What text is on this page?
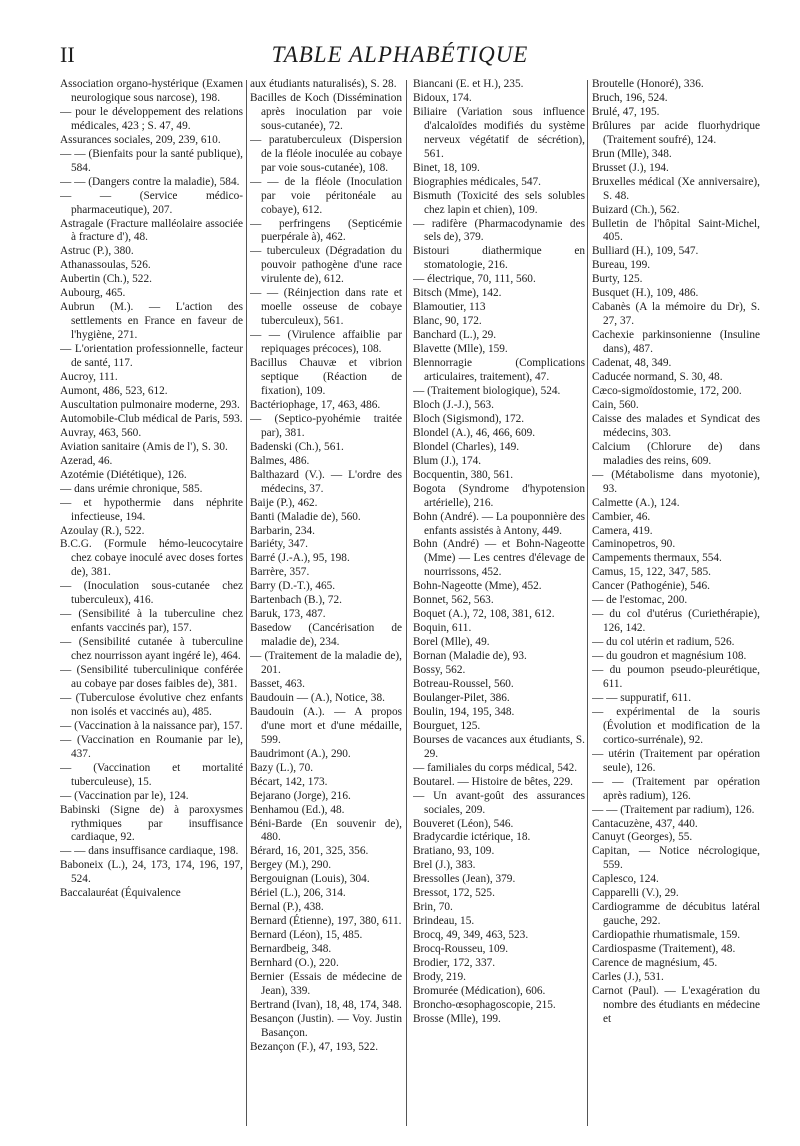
II	TABLE ALPHABÉTIQUE
Association organo-hystérique (Examen neurologique sous narcose), 198.
— pour le développement des relations médicales, 423 ; S. 47, 49.
Assurances sociales, 209, 239, 610.
— — (Bienfaits pour la santé publique), 584.
— — (Dangers contre la maladie), 584.
— — (Service médico-pharmaceutique), 207.
Astragale (Fracture malléolaire associée à fracture d'), 48.
Astruc (P.), 380.
Athanassoulas, 526.
Aubertin (Ch.), 522.
Aubourg, 465.
Aubrun (M.). — L'action des settlements en France en faveur de l'hygiène, 271.
— L'orientation professionnelle, facteur de santé, 117.
Aucroy, 111.
Aumont, 486, 523, 612.
Auscultation pulmonaire moderne, 293.
Automobile-Club médical de Paris, 593.
Auvray, 463, 560.
Aviation sanitaire (Amis de l'), S. 30.
Azerad, 46.
Azotémie (Diététique), 126.
— dans urémie chronique, 585.
— et hypothermie dans néphrite infectieuse, 194.
Azoulay (R.), 522.
B.C.G. (Formule hémo-leucocytaire chez cobaye inoculé avec doses fortes de), 381.
— (Inoculation sous-cutanée chez tuberculeux), 416.
— (Sensibilité à la tuberculine chez enfants vaccinés par), 157.
— (Sensibilité cutanée à tuberculine chez nourrisson ayant ingéré le), 464.
— (Sensibilité tuberculinique conférée au cobaye par doses faibles de), 381.
— (Tuberculose évolutive chez enfants non isolés et vaccinés au), 485.
— (Vaccination à la naissance par), 157.
— (Vaccination en Roumanie par le), 437.
— (Vaccination et mortalité tuberculeuse), 15.
— (Vaccination par le), 124.
Babinski (Signe de) à paroxysmes rythmiques par insuffisance cardiaque, 92.
— — dans insuffisance cardiaque, 198.
Baboneix (L.), 24, 173, 174, 196, 197, 524.
Baccalauréat (Équivalence
aux étudiants naturalisés), S. 28.
Bacilles de Koch (Dissémination après inoculation par voie sous-cutanée), 72.
— paratuberculeux (Dispersion de la fléole inoculée au cobaye par voie sous-cutanée), 108.
— — de la fléole (Inoculation par voie péritonéale au cobaye), 612.
— perfringens (Septicémie puerpérale à), 462.
— tuberculeux (Dégradation du pouvoir pathogène d'une race virulente de), 612.
— — (Réinjection dans rate et moelle osseuse de cobaye tuberculeux), 561.
— — (Virulence affaiblie par repiquages précoces), 108.
Bacillus Chauvæ et vibrion septique (Réaction de fixation), 109.
Bactériophage, 17, 463, 486.
— (Septico-pyohémie traitée par), 381.
Badenski (Ch.), 561.
Balmes, 486.
Balthazard (V.). — L'ordre des médecins, 37.
Baije (P.), 462.
Banti (Maladie de), 560.
Barbarin, 234.
Bariéty, 347.
Barré (J.-A.), 95, 198.
Barrère, 357.
Barry (D.-T.), 465.
Bartenbach (B.), 72.
Baruk, 173, 487.
Basedow (Cancérisation de maladie de), 234.
— (Traitement de la maladie de), 201.
Basset, 463.
Baudouin — (A.), Notice, 38.
Baudouin (A.). — A propos d'une mort et d'une médaille, 599.
Baudrimont (A.), 290.
Bazy (L.), 70.
Bécart, 142, 173.
Bejarano (Jorge), 216.
Benhamou (Ed.), 48.
Béni-Barde (En souvenir de), 480.
Bérard, 16, 201, 325, 356.
Bergey (M.), 290.
Bergouignan (Louis), 304.
Bériel (L.), 206, 314.
Bernal (P.), 438.
Bernard (Étienne), 197, 380, 611.
Bernard (Léon), 15, 485.
Bernardbeig, 348.
Bernhard (O.), 220.
Bernier (Essais de médecine de Jean), 339.
Bertrand (Ivan), 18, 48, 174, 348.
Besançon (Justin). — Voy. Justin Basançon.
Bezançon (F.), 47, 193, 522.
Biancani (E. et H.), 235.
Bidoux, 174.
Biliaire (Variation sous influence d'alcaloïdes modifiés du système nerveux végétatif de sécrétion), 561.
Binet, 18, 109.
Biographies médicales, 547.
Bismuth (Toxicité des sels solubles chez lapin et chien), 109.
— radifère (Pharmacodynamie des sels de), 379.
Bistouri diathermique en stomatologie, 216.
— électrique, 70, 111, 560.
Bitsch (Mme), 142.
Blamoutier, 113
Blanc, 90, 172.
Banchard (L.), 29.
Blavette (Mlle), 159.
Blennorragie (Complications articulaires, traitement), 47.
— (Traitement biologique), 524.
Bloch (J.-J.), 563.
Bloch (Sigismond), 172.
Blondel (A.), 46, 466, 609.
Blondel (Charles), 149.
Blum (J.), 174.
Bocquentin, 380, 561.
Bogota (Syndrome d'hypotension artérielle), 216.
Bohn (André). — La pouponnière des enfants assistés à Antony, 449.
Bohn (André) — et Bohn-Nageotte (Mme) — Les centres d'élevage de nourrissons, 452.
Bohn-Nageotte (Mme), 452.
Bonnet, 562, 563.
Boquet (A.), 72, 108, 381, 612.
Boquin, 611.
Borel (Mlle), 49.
Bornan (Maladie de), 93.
Bossy, 562.
Botreau-Roussel, 560.
Boulanger-Pilet, 386.
Boulin, 194, 195, 348.
Bourguet, 125.
Bourses de vacances aux étudiants, S. 29.
— familiales du corps médical, 542.
Boutarel. — Histoire de bêtes, 229.
— Un avant-goût des assurances sociales, 209.
Bouveret (Léon), 546.
Bradycardie ictérique, 18.
Bratiano, 93, 109.
Brel (J.), 383.
Bressolles (Jean), 379.
Bressot, 172, 525.
Brin, 70.
Brindeau, 15.
Brocq, 49, 349, 463, 523.
Brocq-Rousseu, 109.
Brodier, 172, 337.
Brody, 219.
Bromurée (Médication), 606.
Broncho-œsophagoscopie, 215.
Brosse (Mlle), 199.
Broutelle (Honoré), 336.
Bruch, 196, 524.
Brulé, 47, 195.
Brûlures par acide fluorhydrique (Traitement soufré), 124.
Brun (Mlle), 348.
Brusset (J.), 194.
Bruxelles médical (Xe anniversaire), S. 48.
Buizard (Ch.), 562.
Bulletin de l'hôpital Saint-Michel, 405.
Bulliard (H.), 109, 547.
Bureau, 199.
Burty, 125.
Busquet (H.), 109, 486.
Cabanès (A la mémoire du Dr), S. 27, 37.
Cachexie parkinsonienne (Insuline dans), 487.
Cadenat, 48, 349.
Caducée normand, S. 30, 48.
Cæco-sigmoïdostomie, 172, 200.
Cain, 560.
Caisse des malades et Syndicat des médecins, 303.
Calcium (Chlorure de) dans maladies des reins, 609.
— (Métabolisme dans myotonie), 93.
Calmette (A.), 124.
Cambier, 46.
Camera, 419.
Caminopetros, 90.
Campements thermaux, 554.
Camus, 15, 122, 347, 585.
Cancer (Pathogénie), 546.
— de l'estomac, 200.
— du col d'utérus (Curiethérapie), 126, 142.
— du col utérin et radium, 526.
— du goudron et magnésium 108.
— du poumon pseudo-pleurétique, 611.
— — suppuratif, 611.
— expérimental de la souris (Évolution et modification de la cortico-surrénale), 92.
— utérin (Traitement par opération seule), 126.
— — (Traitement par opération après radium), 126.
— — (Traitement par radium), 126.
Cantacuzène, 437, 440.
Canuyt (Georges), 55.
Capitan, — Notice nécrologique, 559.
Caplesco, 124.
Capparelli (V.), 29.
Cardiogramme de décubitus latéral gauche, 292.
Cardiopathie rhumatismale, 159.
Cardiospasme (Traitement), 48.
Carence de magnésium, 45.
Carles (J.), 531.
Carnot (Paul). — L'exagération du nombre des étudiants en médecine et
